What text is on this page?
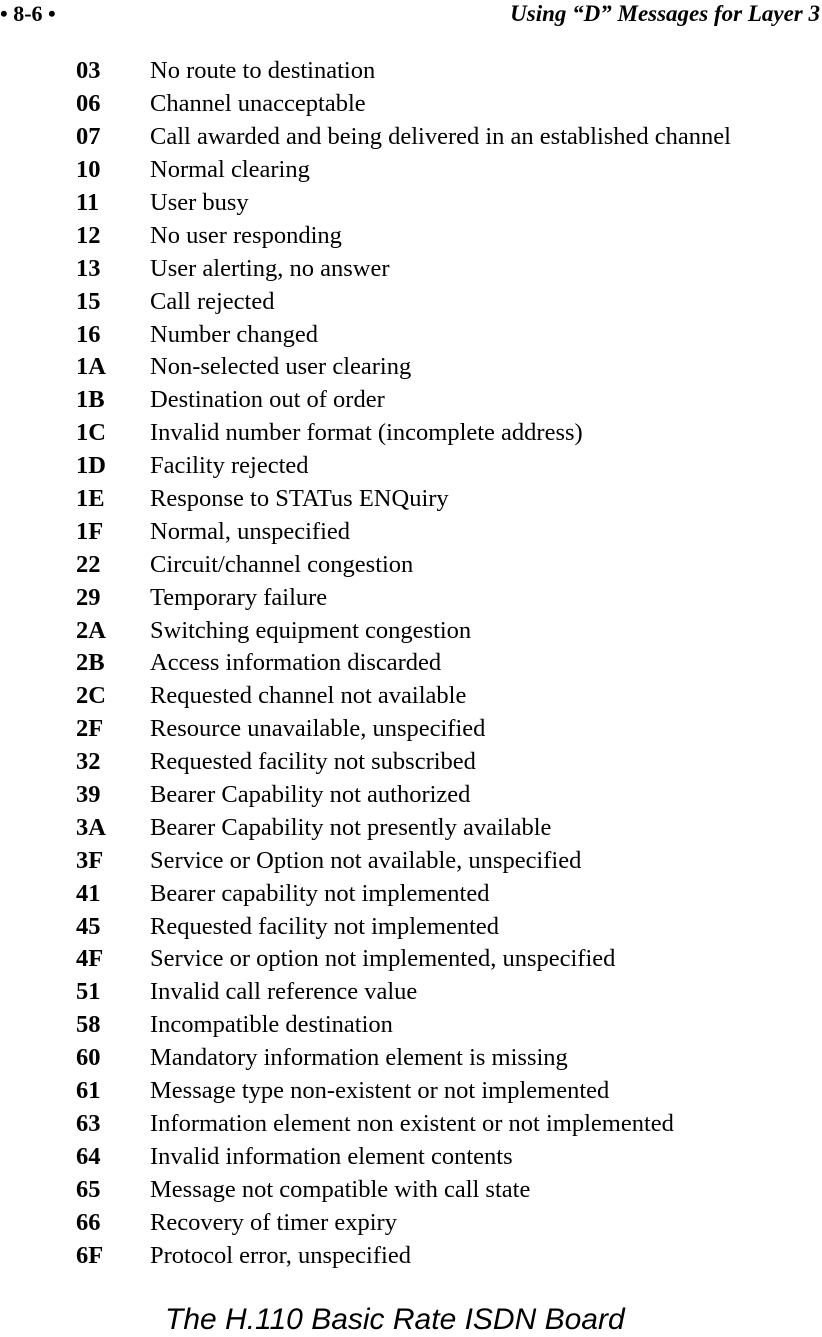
• 8-6 •	Using “D” Messages for Layer 3
03	No route to destination
06	Channel unacceptable
07	Call awarded and being delivered in an established channel
10	Normal clearing
11	User busy
12	No user responding
13	User alerting, no answer
15	Call rejected
16	Number changed
1A	Non-selected user clearing
1B	Destination out of order
1C	Invalid number format (incomplete address)
1D	Facility rejected
1E	Response to STATus ENQuiry
1F	Normal, unspecified
22	Circuit/channel congestion
29	Temporary failure
2A	Switching equipment congestion
2B	Access information discarded
2C	Requested channel not available
2F	Resource unavailable, unspecified
32	Requested facility not subscribed
39	Bearer Capability not authorized
3A	Bearer Capability not presently available
3F	Service or Option not available, unspecified
41	Bearer capability not implemented
45	Requested facility not implemented
4F	Service or option not implemented, unspecified
51	Invalid call reference value
58	Incompatible destination
60	Mandatory information element is missing
61	Message type non-existent or not implemented
63	Information element non existent or not implemented
64	Invalid information element contents
65	Message not compatible with call state
66	Recovery of timer expiry
6F	Protocol error, unspecified
The H.110 Basic Rate ISDN Board
